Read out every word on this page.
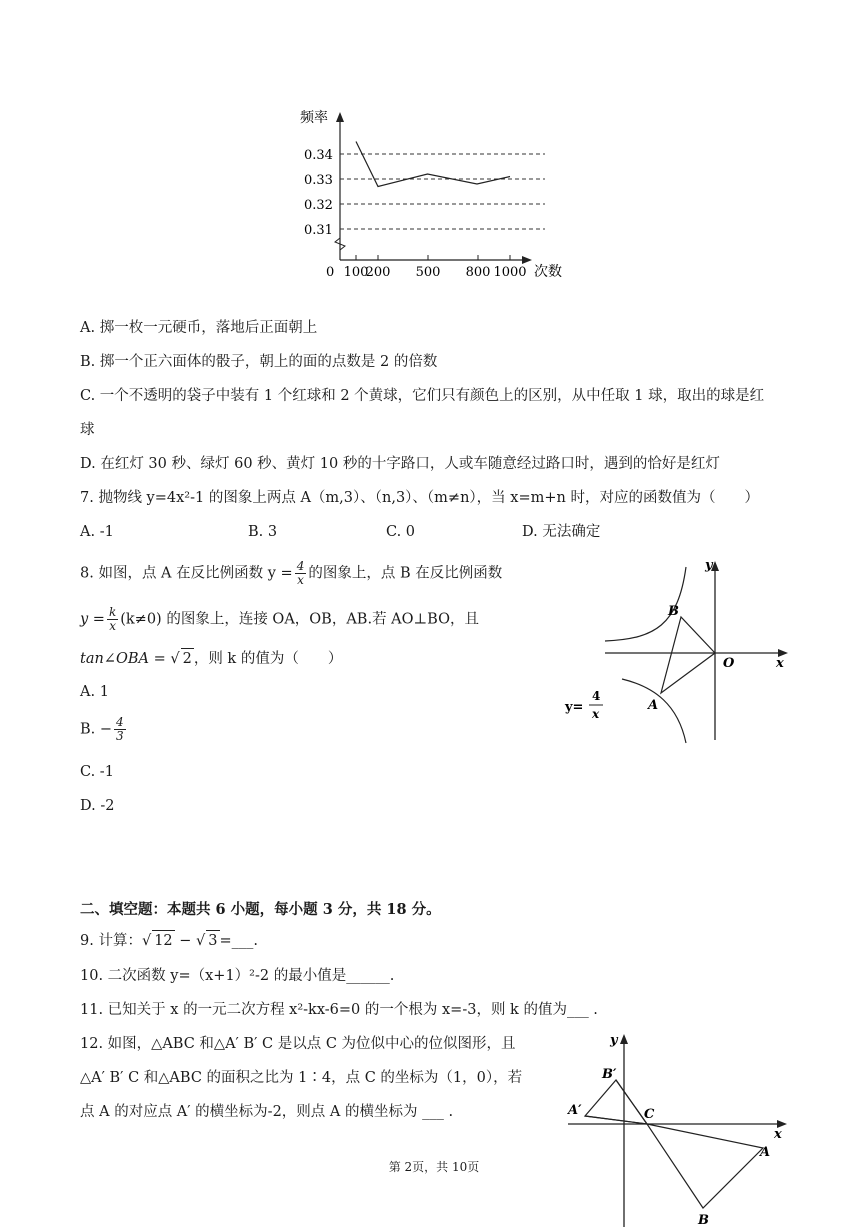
频率
次数
0.34
0.33
0.32
0.31
0 100
200 500 800 1000
A. 掷一枚一元硬币，落地后正面朝上
B. 掷一个正六面体的骰子，朝上的面的点数是 2 的倍数
C. 一个不透明的袋子中装有 1 个红球和 2 个黄球，它们只有颜色上的区别，从中任取 1 球，取出的球是红
球
D. 在红灯 30 秒、绿灯 60 秒、黄灯 10 秒的十字路口，人或车随意经过路口时，遇到的恰好是红灯
7. 抛物线 y=4x²-1 的图象上两点 A（m,3）、（n,3）、（m≠n），当 x=m+n 时，对应的函数值为（　　）
A. -1	B. 3	C. 0	D. 无法确定
8. 如图，点 A 在反比例函数 $y = \frac{4}{x}$ 的图象上，点 B 在反比例函数
$y = \frac{k}{x} (k\ne 0)$ 的图象上，连接 OA，OB，AB.若 AO⊥BO，且
tan∠OBA = √ 2 ，则 k 的值为（　　）
A. 1
B. − $\frac{4}{3}$
C. -1
D. -2
y
x
O
B
A
y=
4
x
二、填空题：本题共 6 小题，每小题 3 分，共 18 分。
9. 计算：√ 12 − √ 3 =___.
10. 二次函数 y=（x+1）²-2 的最小值是______.
11. 已知关于 x 的一元二次方程 x²-kx-6=0 的一个根为 x=-3，则 k 的值为___ .
12. 如图，△ABC 和△A′ B′ C 是以点 C 为位似中心的位似图形，且
△A′ B′ C 和△ABC 的面积之比为 1∶4，点 C 的坐标为（1，0），若
点 A 的对应点 A′ 的横坐标为-2，则点 A 的横坐标为 ___ .
y
x
B′
A′	C
A
B
第 2页，共 10页
